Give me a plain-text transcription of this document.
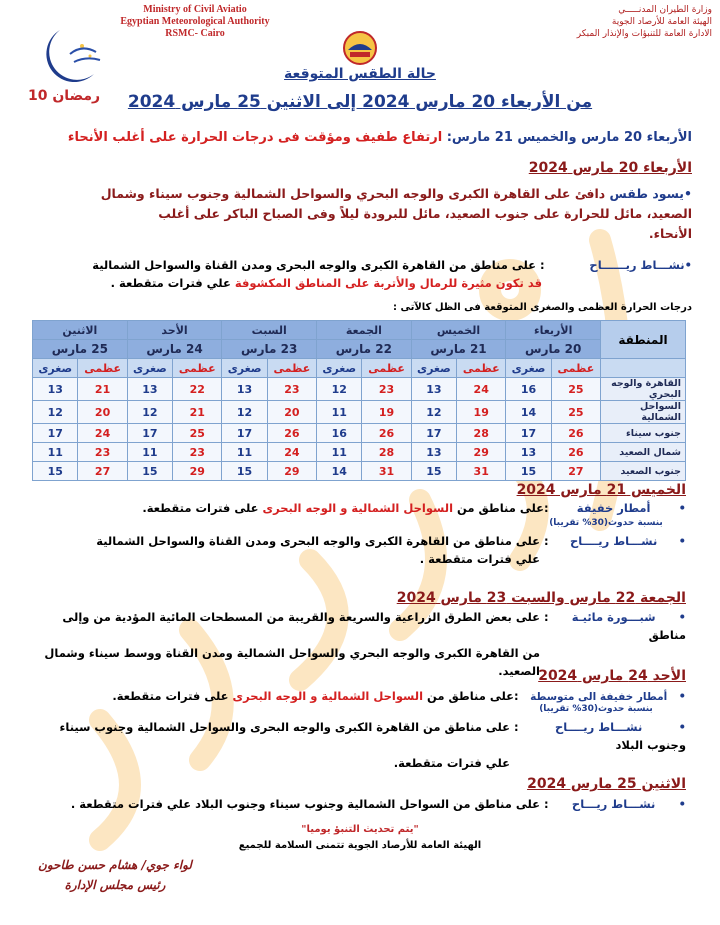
Ministry of Civil Aviatio
Egyptian Meteorological Authority
RSMC- Cairo
وزارة الطيران المدنـــــي
الهيئة العامة للأرصاد الجوية
الادارة العامة للتنبؤات والإنذار المبكر
10 رمضان
حالة الطقس المتوقعة
من الأربعاء 20 مارس 2024 إلى الاثنين 25 مارس 2024
الأربعاء 20 مارس والخميس 21 مارس: ارتفاع طفيف ومؤقت فى درجات الحرارة على أغلب الأنحاء
الأربعاء 20 مارس 2024
•يسود طقس دافئ على القاهرة الكبرى والوجه البحري والسواحل الشمالية وجنوب سيناء وشمال
الصعيد، مائل للحرارة على جنوب الصعيد، مائل للبرودة ليلاً وفى الصباح الباكر على أغلب
الأنحاء.
•نشـــاط ريــــــاح: على مناطق من القاهرة الكبرى والوجه البحرى ومدن القناة والسواحل الشمالية
قد تكون مثيرة للرمال والأتربة على المناطق المكشوفة علي فترات متقطعة .
درجات الحرارة العظمى والصغرى المتوقعة فى الظل كالآتى :
المنطقة	الأربعاء		الخميس		الجمعة		السبت		الأحد		الاثنين	
	20 مارس		21 مارس		22 مارس		23 مارس		24 مارس		25 مارس	
	عظمى	صغرى	عظمى	صغرى	عظمى	صغرى	عظمى	صغرى	عظمى	صغرى	عظمى	صغرى
القاهرة والوجه البحري	25	16	24	13	23	12	23	13	22	13	21	13
السواحل الشمالية	25	14	19	12	19	11	20	12	21	12	20	12
جنوب سيناء	26	17	28	17	26	16	26	17	25	17	24	17
شمال الصعيد	26	13	29	13	28	11	24	11	23	11	23	11
جنوب الصعيد	27	15	31	15	31	14	29	15	29	15	27	15
الخميس 21 مارس 2024
•أمطار خفيفة:على مناطق من السواحل الشمالية و الوجه البحرى على فترات متقطعة.
بنسبة حدوث(30% تقريبا)
•نشـــاط ريــــاح: على مناطق من القاهرة الكبرى والوجه البحرى ومدن القناة والسواحل الشمالية
علي فترات متقطعة .
الجمعة 22 مارس والسبت 23 مارس 2024
•شبـــورة مائيـة: على بعض الطرق الزراعية والسريعة والقريبة من المسطحات المائية المؤدية من وإلى مناطق
من القاهرة الكبرى والوجه البحري والسواحل الشمالية ومدن القناة ووسط سيناء وشمال الصعيد.
الأحد 24 مارس 2024
•أمطار خفيفة الى متوسطة:على مناطق من السواحل الشمالية و الوجه البحرى على فترات متقطعة.
بنسبة حدوث(30% تقريبا)
•نشـــاط ريــــاح: على مناطق من القاهرة الكبرى والوجه البحرى والسواحل الشمالية وجنوب سيناء وجنوب البلاد
علي فترات متقطعة.
الاثنين 25 مارس 2024
•نشـــاط ريـــاح: على مناطق من السواحل الشمالية وجنوب سيناء وجنوب البلاد علي فترات متقطعة .
"يتم تحديث التنبؤ يوميا"
الهيئة العامة للأرصاد الجوية تتمنى السلامة للجميع
لواء جوي/ هشام حسن طاحون
رئيس مجلس الإدارة
